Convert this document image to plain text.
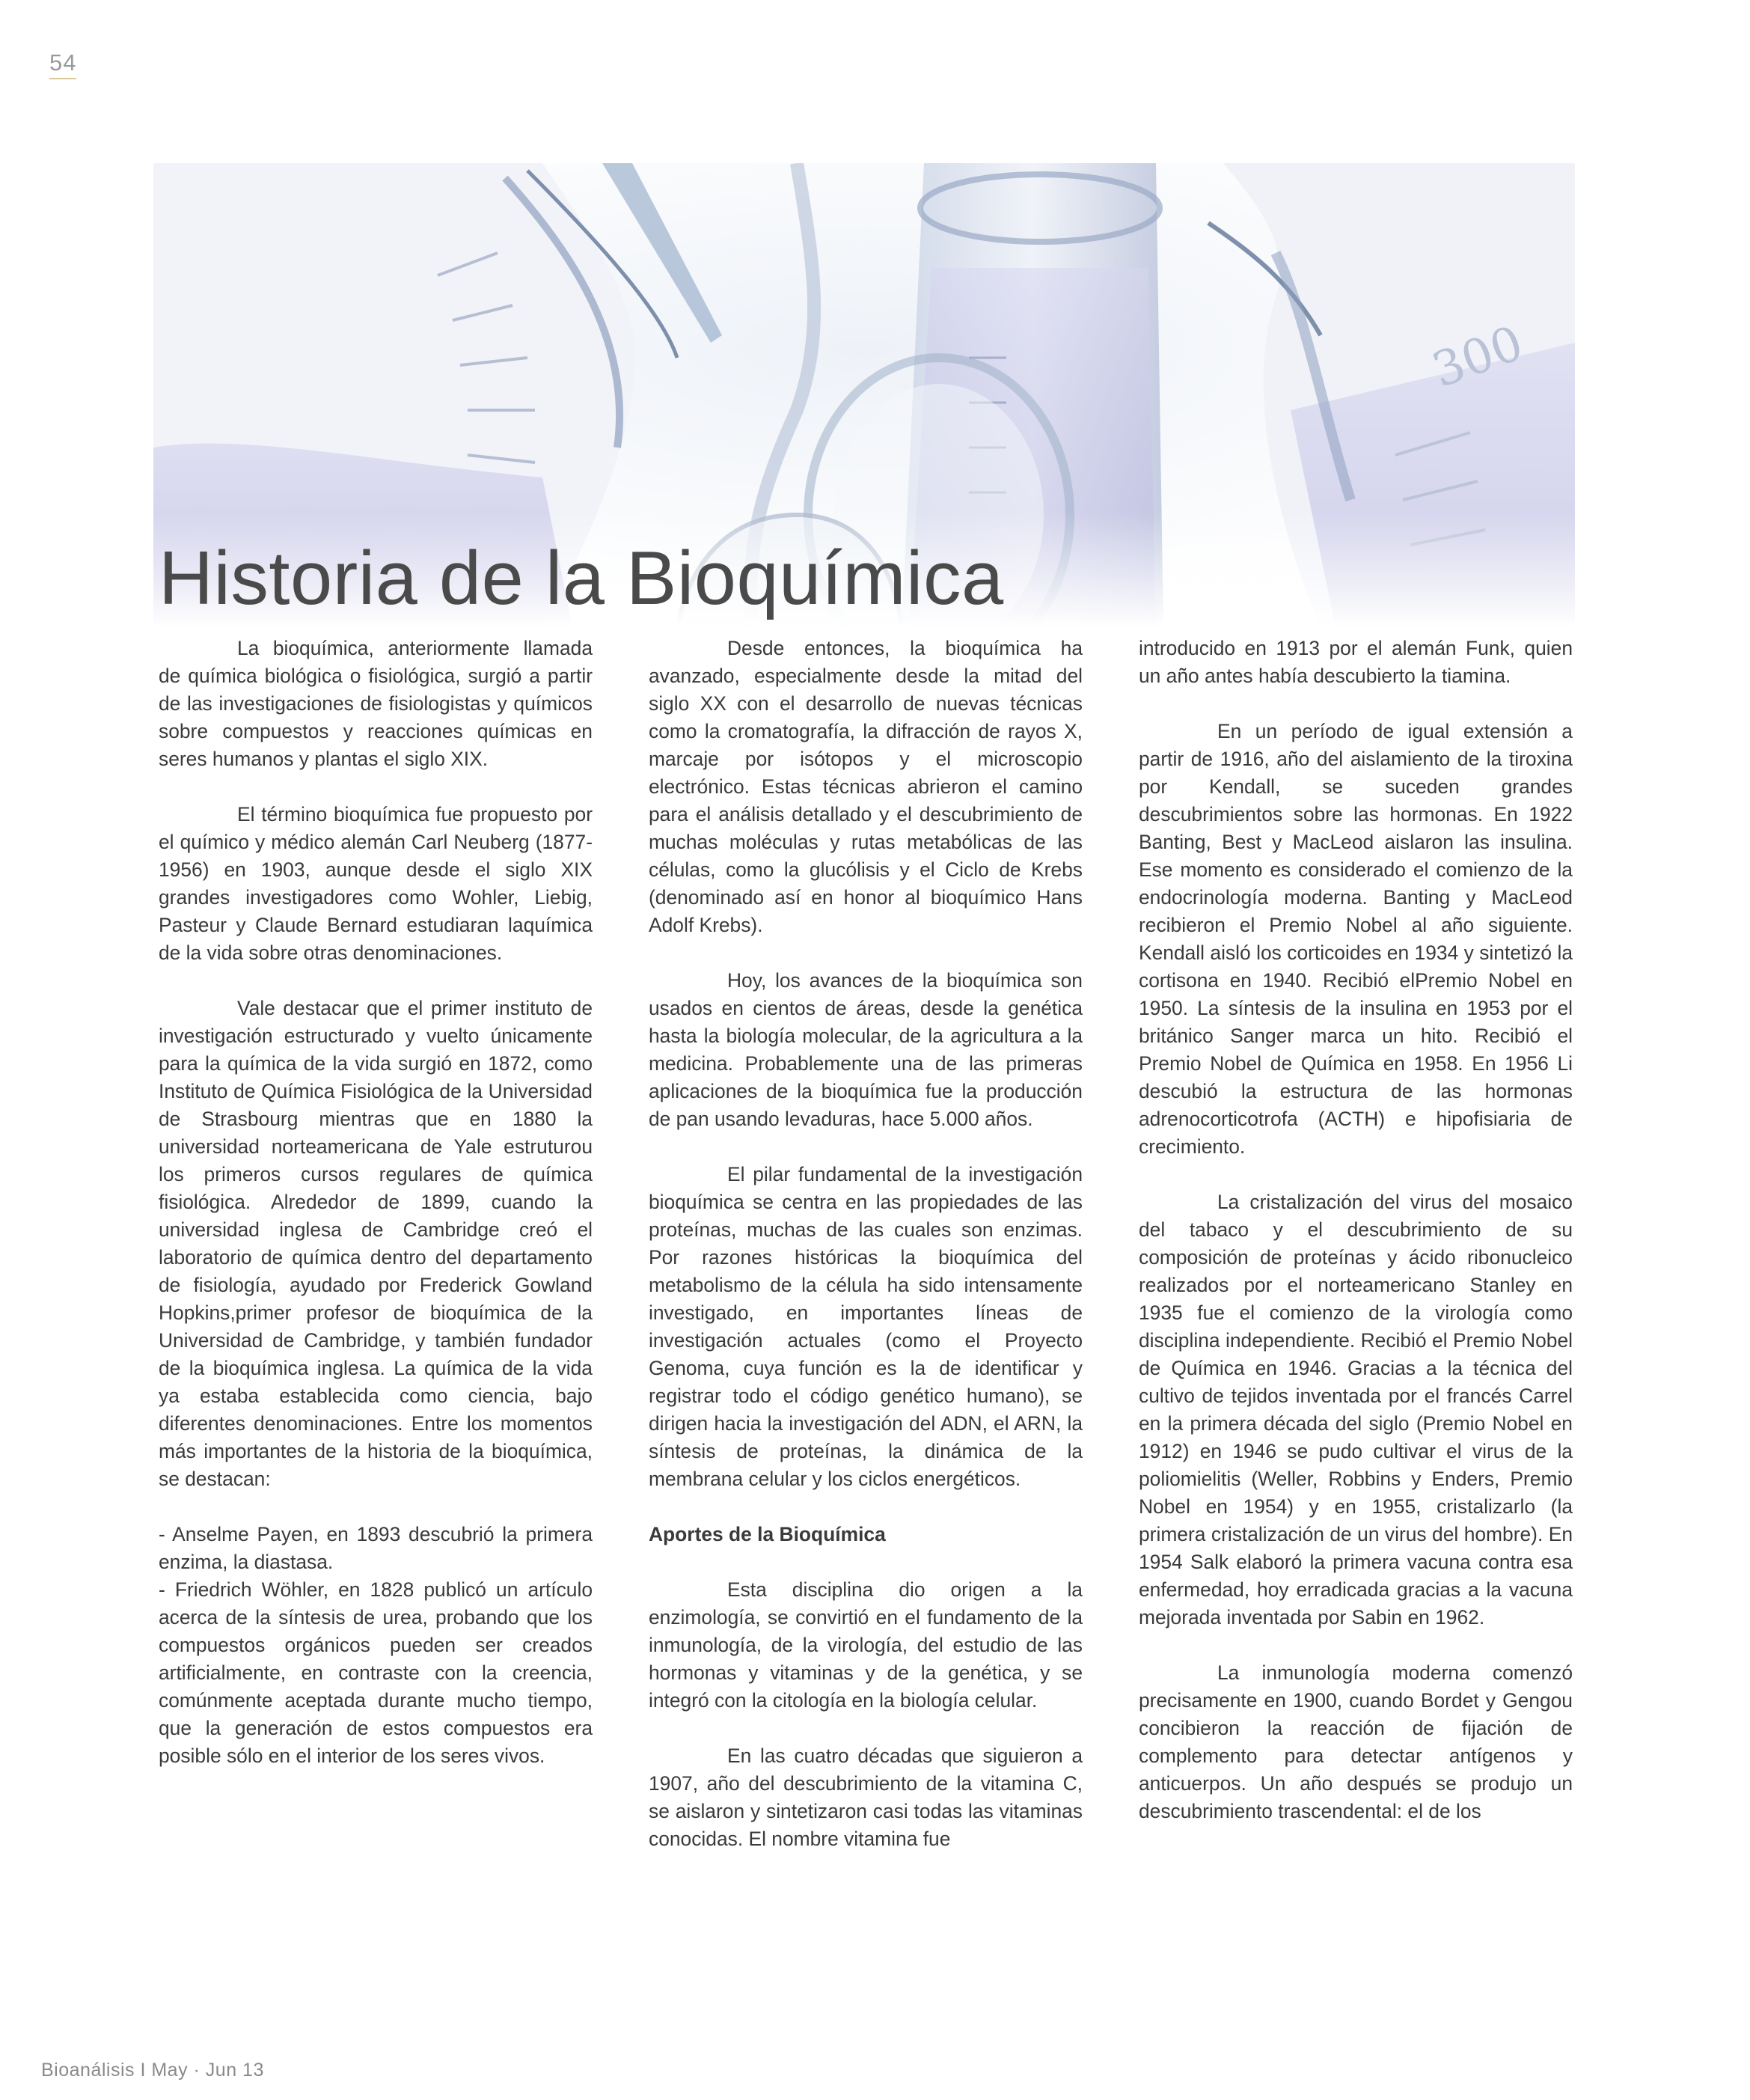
54
Historia de la Bioquímica

La bioquímica, anteriormente llamada de química biológica o fisiológica, surgió a partir de las investigaciones de fisiologistas y químicos sobre compuestos y reacciones químicas en seres humanos y plantas el siglo XIX.

El término bioquímica fue propuesto por el químico y médico alemán Carl Neuberg (1877-1956) en 1903, aunque desde el siglo XIX grandes investigadores como Wohler, Liebig, Pasteur y Claude Bernard estudiaran laquímica de la vida sobre otras denominaciones.

Vale destacar que el primer instituto de investigación estructurado y vuelto únicamente para la química de la vida surgió en 1872, como Instituto de Química Fisiológica de la Universidad de Strasbourg mientras que en 1880 la universidad norteamericana de Yale estruturou los primeros cursos regulares de química fisiológica. Alrededor de 1899, cuando la universidad inglesa de Cambridge creó el laboratorio de química dentro del departamento de fisiología, ayudado por Frederick Gowland Hopkins,primer profesor de bioquímica de la Universidad de Cambridge, y también fundador de la bioquímica inglesa. La química de la vida ya estaba establecida como ciencia, bajo diferentes denominaciones. Entre los momentos más importantes de la historia de la bioquímica, se destacan:

- Anselme Payen, en 1893 descubrió la primera enzima, la diastasa.

- Friedrich Wöhler, en 1828 publicó un artículo acerca de la síntesis de urea, probando que los compuestos orgánicos pueden ser creados artificialmente, en contraste con la creencia, comúnmente aceptada durante mucho tiempo, que la generación de estos compuestos era posible sólo en el interior de los seres vivos.

Desde entonces, la bioquímica ha avanzado, especialmente desde la mitad del siglo XX con el desarrollo de nuevas técnicas como la cromatografía, la difracción de rayos X, marcaje por isótopos y el microscopio electrónico. Estas técnicas abrieron el camino para el análisis detallado y el descubrimiento de muchas moléculas y rutas metabólicas de las células, como la glucólisis y el Ciclo de Krebs (denominado así en honor al bioquímico Hans Adolf Krebs).

Hoy, los avances de la bioquímica son usados en cientos de áreas, desde la genética hasta la biología molecular, de la agricultura a la medicina. Probablemente una de las primeras aplicaciones de la bioquímica fue la producción de pan usando levaduras, hace 5.000 años.

El pilar fundamental de la investigación bioquímica se centra en las propiedades de las proteínas, muchas de las cuales son enzimas. Por razones históricas la bioquímica del metabolismo de la célula ha sido intensamente investigado, en importantes líneas de investigación actuales (como el Proyecto Genoma, cuya función es la de identificar y registrar todo el código genético humano), se dirigen hacia la investigación del ADN, el ARN, la síntesis de proteínas, la dinámica de la membrana celular y los ciclos energéticos.

Aportes de la Bioquímica

Esta disciplina dio origen a la enzimología, se convirtió en el fundamento de la inmunología, de la virología, del estudio de las hormonas y vitaminas y de la genética, y se integró con la citología en la biología celular.

En las cuatro décadas que siguieron a 1907, año del descubrimiento de la vitamina C, se aislaron y sintetizaron casi todas las vitaminas conocidas. El nombre vitamina fue

introducido en 1913 por el alemán Funk, quien un año antes había descubierto la tiamina.

En un período de igual extensión a partir de 1916, año del aislamiento de la tiroxina por Kendall, se suceden grandes descubrimientos sobre las hormonas. En 1922 Banting, Best y MacLeod aislaron las insulina. Ese momento es considerado el comienzo de la endocrinología moderna. Banting y MacLeod recibieron el Premio Nobel al año siguiente. Kendall aisló los corticoides en 1934 y sintetizó la cortisona en 1940. Recibió elPremio Nobel en 1950. La síntesis de la insulina en 1953 por el británico Sanger marca un hito. Recibió el Premio Nobel de Química en 1958. En 1956 Li descubió la estructura de las hormonas adrenocorticotrofa (ACTH) e hipofisiaria de crecimiento.

La cristalización del virus del mosaico del tabaco y el descubrimiento de su composición de proteínas y ácido ribonucleico realizados por el norteamericano Stanley en 1935 fue el comienzo de la virología como disciplina independiente. Recibió el Premio Nobel de Química en 1946. Gracias a la técnica del cultivo de tejidos inventada por el francés Carrel en la primera década del siglo (Premio Nobel en 1912) en 1946 se pudo cultivar el virus de la poliomielitis (Weller, Robbins y Enders, Premio Nobel en 1954) y en 1955, cristalizarlo (la primera cristalización de un virus del hombre). En 1954 Salk elaboró la primera vacuna contra esa enfermedad, hoy erradicada gracias a la vacuna mejorada inventada por Sabin en 1962.

La inmunología moderna comenzó precisamente en 1900, cuando Bordet y Gengou concibieron la reacción de fijación de complemento para detectar antígenos y anticuerpos. Un año después se produjo un descubrimiento trascendental: el de los

Bioanálisis I May · Jun 13
